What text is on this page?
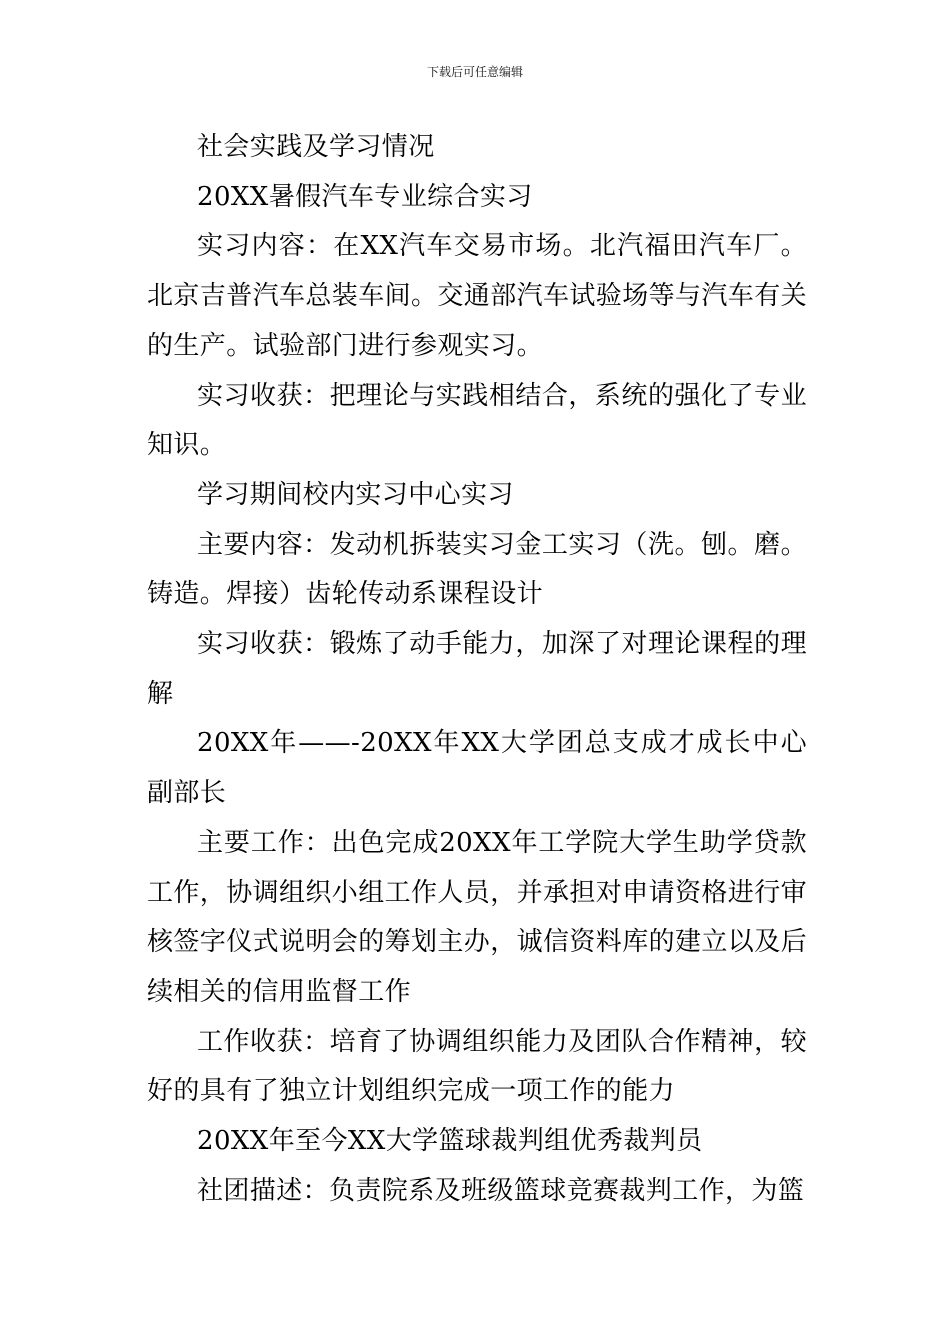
下载后可任意编辑

社会实践及学习情况

20XX暑假汽车专业综合实习

实习内容：在XX汽车交易市场。北汽福田汽车厂。北京吉普汽车总装车间。交通部汽车试验场等与汽车有关的生产。试验部门进行参观实习。

实习收获：把理论与实践相结合，系统的强化了专业知识。

学习期间校内实习中心实习

主要内容：发动机拆装实习金工实习（洗。刨。磨。铸造。焊接）齿轮传动系课程设计

实习收获：锻炼了动手能力，加深了对理论课程的理解

20XX年——-20XX年XX大学团总支成才成长中心副部长

主要工作：出色完成20XX年工学院大学生助学贷款工作，协调组织小组工作人员，并承担对申请资格进行审核签字仪式说明会的筹划主办，诚信资料库的建立以及后续相关的信用监督工作

工作收获：培育了协调组织能力及团队合作精神，较好的具有了独立计划组织完成一项工作的能力

20XX年至今XX大学篮球裁判组优秀裁判员

社团描述：负责院系及班级篮球竞赛裁判工作，为篮
